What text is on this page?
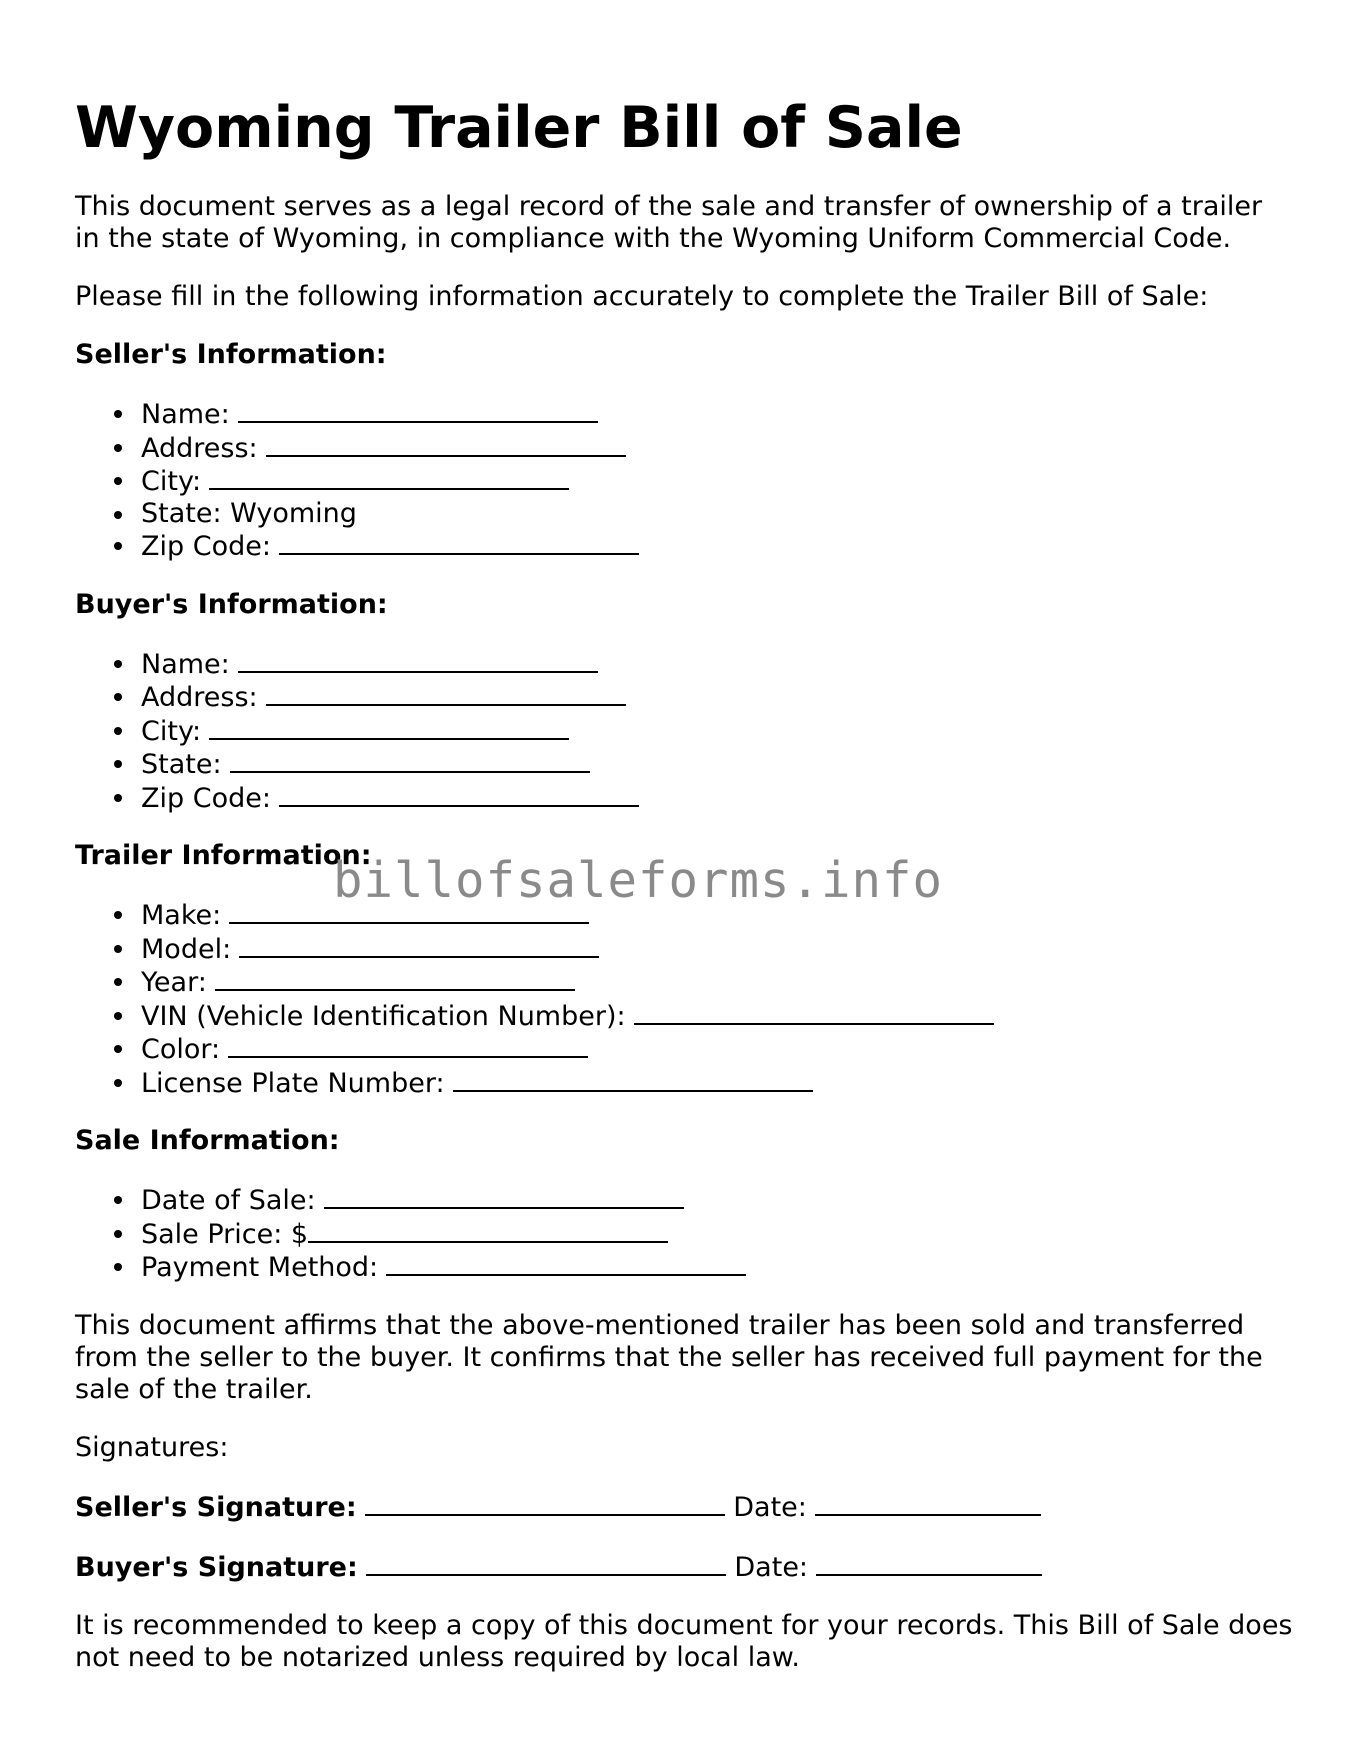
Wyoming Trailer Bill of Sale

This document serves as a legal record of the sale and transfer of ownership of a trailer in the state of Wyoming, in compliance with the Wyoming Uniform Commercial Code.

Please fill in the following information accurately to complete the Trailer Bill of Sale:

Seller's Information:
Name:
Address:
City:
State: Wyoming
Zip Code:
Buyer's Information:
Name:
Address:
City:
State:
Zip Code:
Trailer Information:
Make:
Model:
Year:
VIN (Vehicle Identification Number):
Color:
License Plate Number:
Sale Information:
Date of Sale:
Sale Price: $
Payment Method:

This document affirms that the above-mentioned trailer has been sold and transferred from the seller to the buyer. It confirms that the seller has received full payment for the sale of the trailer.

Signatures:

Seller's Signature:	Date:
Buyer's Signature:	Date:

It is recommended to keep a copy of this document for your records. This Bill of Sale does not need to be notarized unless required by local law.

billofsaleforms.info
